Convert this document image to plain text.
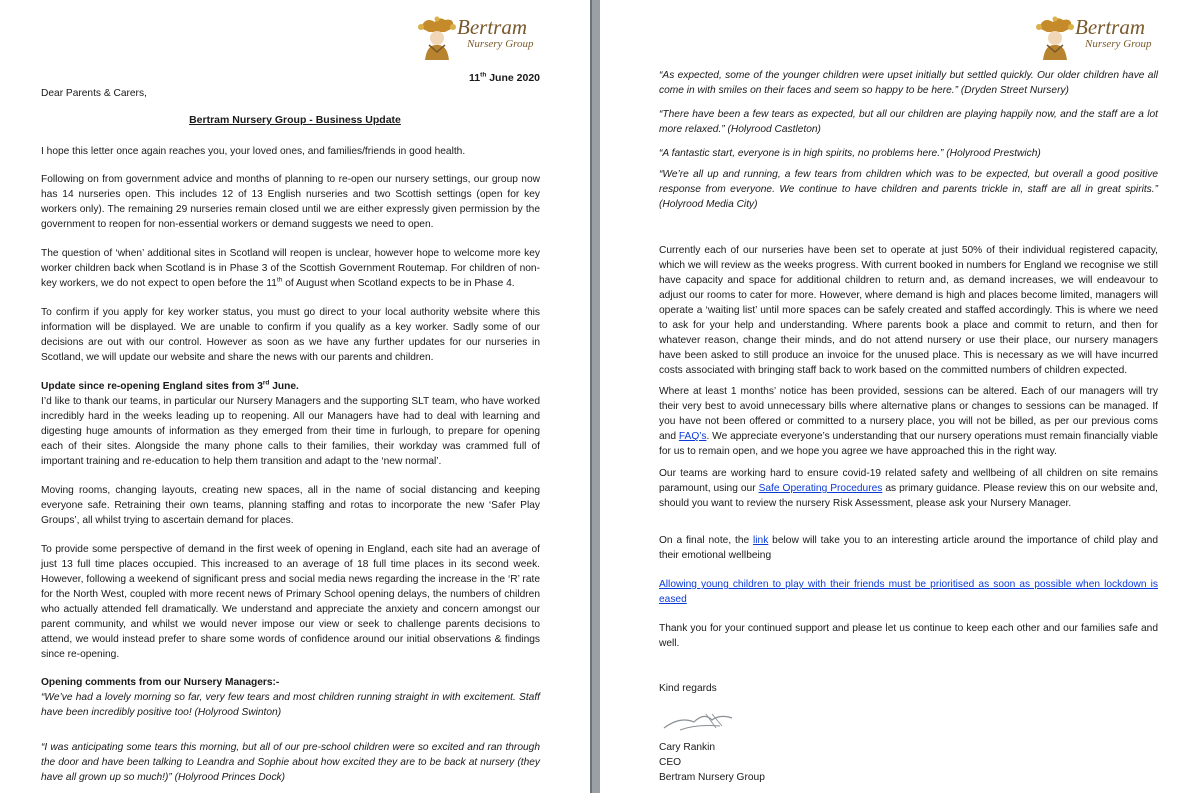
Bertram
Nursery Group
11th June 2020
Dear Parents & Carers,
Bertram Nursery Group - Business Update

I hope this letter once again reaches you, your loved ones, and families/friends in good health.

Following on from government advice and months of planning to re-open our nursery settings, our group now has 14 nurseries open. This includes 12 of 13 English nurseries and two Scottish settings (open for key workers only). The remaining 29 nurseries remain closed until we are either expressly given permission by the government to reopen for non-essential workers or demand suggests we need to open.

The question of ‘when’ additional sites in Scotland will reopen is unclear, however hope to welcome more key worker children back when Scotland is in Phase 3 of the Scottish Government Routemap. For children of non-key workers, we do not expect to open before the 11th of August when Scotland expects to be in Phase 4.

To confirm if you apply for key worker status, you must go direct to your local authority website where this information will be displayed. We are unable to confirm if you qualify as a key worker. Sadly some of our decisions are out with our control. However as soon as we have any further updates for our nurseries in Scotland, we will update our website and share the news with our parents and children.

Update since re-opening England sites from 3rd June.

I’d like to thank our teams, in particular our Nursery Managers and the supporting SLT team, who have worked incredibly hard in the weeks leading up to reopening. All our Managers have had to deal with learning and digesting huge amounts of information as they emerged from their time in furlough, to prepare for opening each of their sites. Alongside the many phone calls to their families, their workday was crammed full of important training and re-education to help them transition and adapt to the ‘new normal’.

Moving rooms, changing layouts, creating new spaces, all in the name of social distancing and keeping everyone safe. Retraining their own teams, planning staffing and rotas to incorporate the new ‘Safer Play Groups’, all whilst trying to ascertain demand for places.

To provide some perspective of demand in the first week of opening in England, each site had an average of just 13 full time places occupied. This increased to an average of 18 full time places in its second week. However, following a weekend of significant press and social media news regarding the increase in the ‘R’ rate for the North West, coupled with more recent news of Primary School opening delays, the numbers of children who actually attended fell dramatically. We understand and appreciate the anxiety and concern amongst our parent community, and whilst we would never impose our view or seek to challenge parents decisions to attend, we would instead prefer to share some words of confidence around our initial observations & findings since re-opening.

Opening comments from our Nursery Managers:-

“We’ve had a lovely morning so far, very few tears and most children running straight in with excitement. Staff have been incredibly positive too! (Holyrood Swinton)

“I was anticipating some tears this morning, but all of our pre-school children were so excited and ran through the door and have been talking to Leandra and Sophie about how excited they are to be back at nursery (they have all grown up so much!)” (Holyrood Princes Dock)

Bertram
Nursery Group

“As expected, some of the younger children were upset initially but settled quickly. Our older children have all come in with smiles on their faces and seem so happy to be here.” (Dryden Street Nursery)

“There have been a few tears as expected, but all our children are playing happily now, and the staff are a lot more relaxed.” (Holyrood Castleton)

“A fantastic start, everyone is in high spirits, no problems here.” (Holyrood Prestwich)

“We’re all up and running, a few tears from children which was to be expected, but overall a good positive response from everyone. We continue to have children and parents trickle in, staff are all in great spirits.” (Holyrood Media City)

Currently each of our nurseries have been set to operate at just 50% of their individual registered capacity, which we will review as the weeks progress. With current booked in numbers for England we recognise we still have capacity and space for additional children to return and, as demand increases, we will endeavour to adjust our rooms to cater for more. However, where demand is high and places become limited, managers will operate a ‘waiting list’ until more spaces can be safely created and staffed accordingly. This is where we need to ask for your help and understanding. Where parents book a place and commit to return, and then for whatever reason, change their minds, and do not attend nursery or use their place, our nursery managers have been asked to still produce an invoice for the unused place. This is necessary as we will have incurred costs associated with bringing staff back to work based on the committed numbers of children expected.

Where at least 1 months’ notice has been provided, sessions can be altered. Each of our managers will try their very best to avoid unnecessary bills where alternative plans or changes to sessions can be managed. If you have not been offered or committed to a nursery place, you will not be billed, as per our previous coms and FAQ’s. We appreciate everyone’s understanding that our nursery operations must remain financially viable for us to remain open, and we hope you agree we have approached this in the right way.

Our teams are working hard to ensure covid-19 related safety and wellbeing of all children on site remains paramount, using our Safe Operating Procedures as primary guidance. Please review this on our website and, should you want to review the nursery Risk Assessment, please ask your Nursery Manager.

On a final note, the link below will take you to an interesting article around the importance of child play and their emotional wellbeing

Allowing young children to play with their friends must be prioritised as soon as possible when lockdown is eased

Thank you for your continued support and please let us continue to keep each other and our families safe and well.

Kind regards
Cary Rankin
CEO
Bertram Nursery Group
